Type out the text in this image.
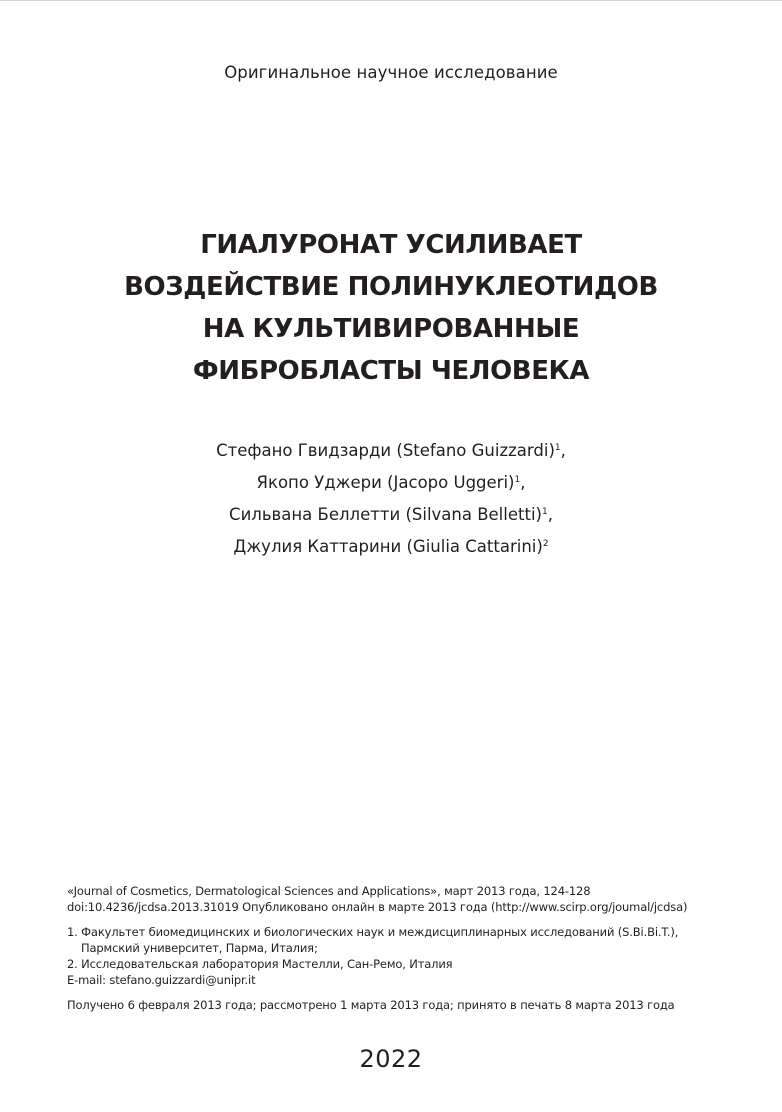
Оригинальное научное исследование
ГИАЛУРОНАТ УСИЛИВАЕТ
ВОЗДЕЙСТВИЕ ПОЛИНУКЛЕОТИДОВ
НА КУЛЬТИВИРОВАННЫЕ
ФИБРОБЛАСТЫ ЧЕЛОВЕКА
Стефано Гвидзарди (Stefano Guizzardi)$^1$,
Якопо Уджери (Jacopo Uggeri)$^1$,
Сильвана Беллетти (Silvana Belletti)$^1$,
Джулия Каттарини (Giulia Cattarini)$^2$
«Journal of Cosmetics, Dermatological Sciences and Applications», март 2013 года, 124-128
doi:10.4236/jcdsa.2013.31019 Опубликовано онлайн в марте 2013 года (http://www.scirp.org/joumal/jcdsa)
1. Факультет биомедицинских и биологических наук и междисциплинарных исследований (S.Bi.Bi.T.),
Пармский университет, Парма, Италия;
2. Исследовательская лаборатория Мастелли, Сан-Ремо, Италия
E-mail: stefano.guizzardi@unipr.it
Получено 6 февраля 2013 года; рассмотрено 1 марта 2013 года; принято в печать 8 марта 2013 года
2022
